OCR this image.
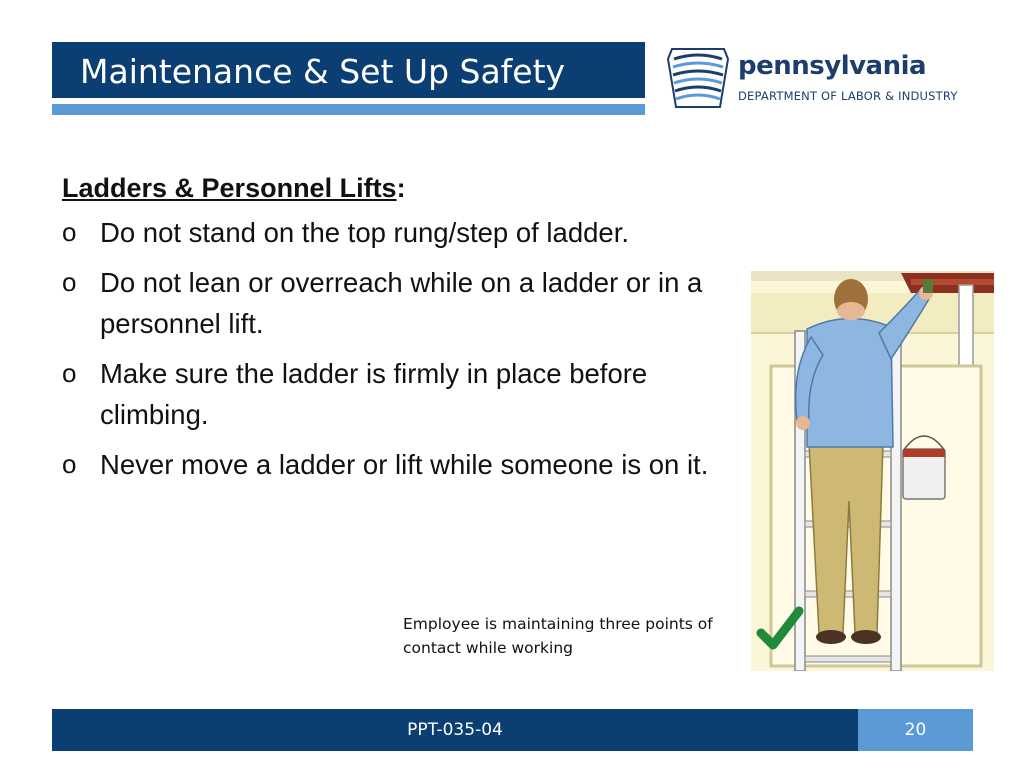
Maintenance & Set Up Safety	pennsylvania
DEPARTMENT OF LABOR & INDUSTRY
Ladders & Personnel Lifts:
o Do not stand on the top rung/step of ladder.
o Do not lean or overreach while on a ladder or in a personnel lift.
o Make sure the ladder is firmly in place before climbing.
o Never move a ladder or lift while someone is on it.
Employee is maintaining three points of contact while working
PPT-035-04	20
